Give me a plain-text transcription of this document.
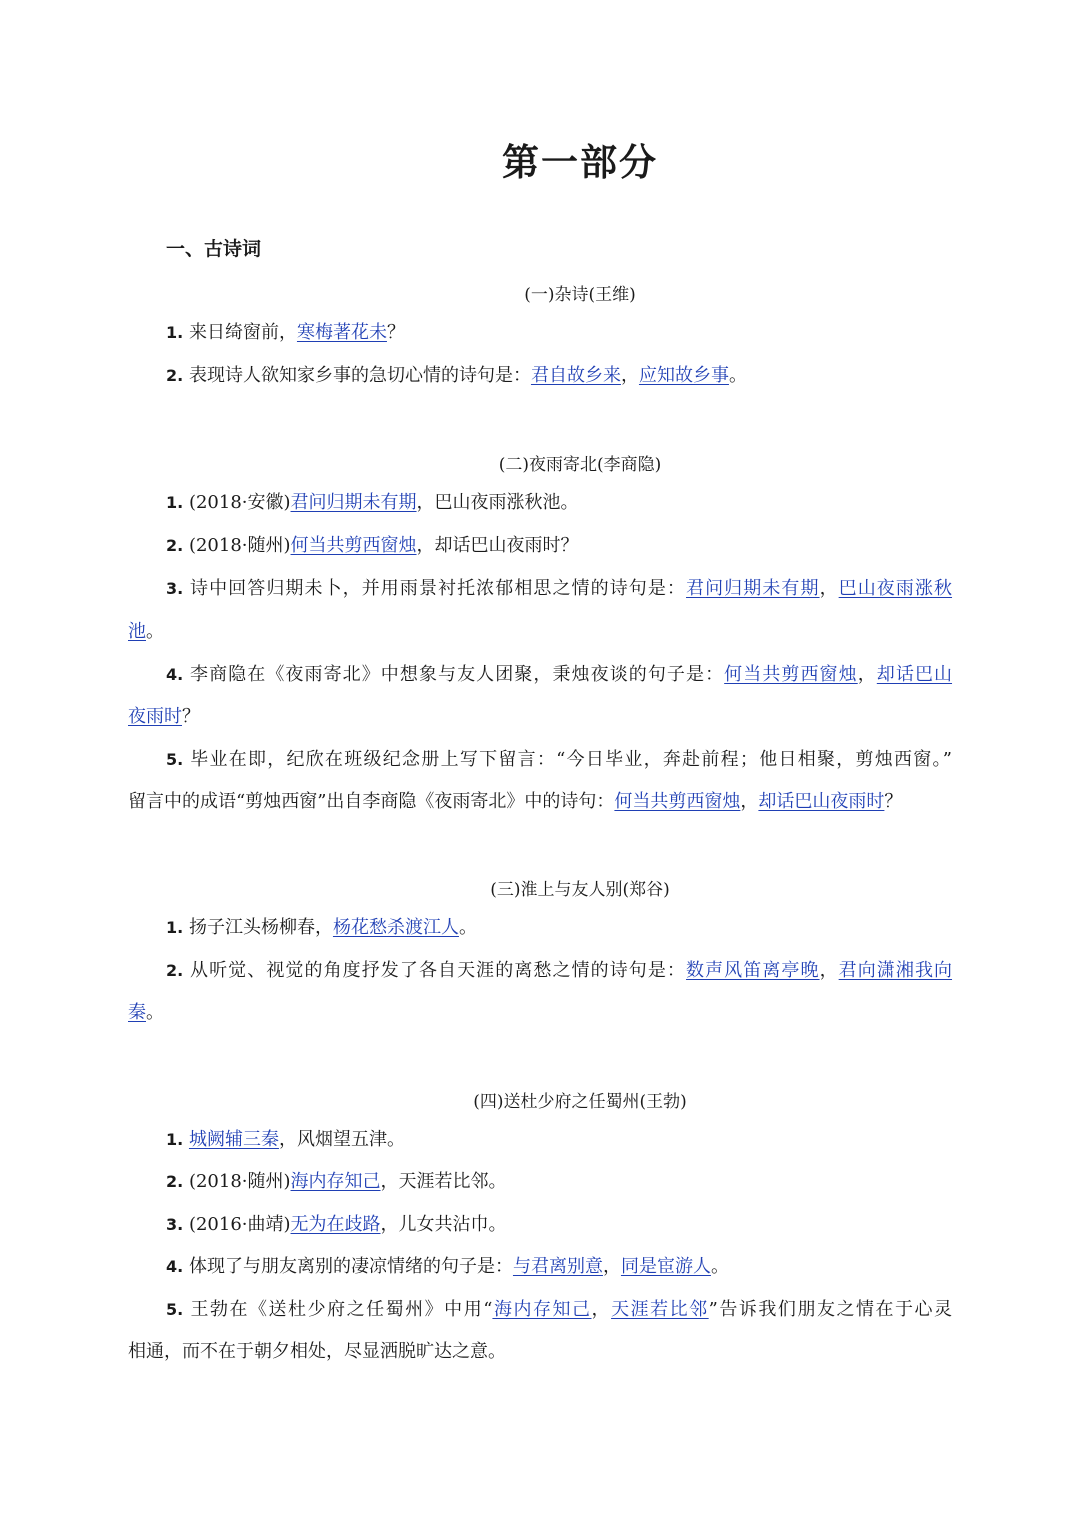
第一部分
一、古诗词
(一)杂诗(王维)
1. 来日绮窗前，寒梅著花未？
2. 表现诗人欲知家乡事的急切心情的诗句是：君自故乡来，应知故乡事。
(二)夜雨寄北(李商隐)
1. (2018·安徽)君问归期未有期，巴山夜雨涨秋池。
2. (2018·随州)何当共剪西窗烛，却话巴山夜雨时？
3. 诗中回答归期未卜，并用雨景衬托浓郁相思之情的诗句是：君问归期未有期，巴山夜雨涨秋
池。
4. 李商隐在《夜雨寄北》中想象与友人团聚，秉烛夜谈的句子是：何当共剪西窗烛，却话巴山
夜雨时？
5. 毕业在即，纪欣在班级纪念册上写下留言：“今日毕业，奔赴前程；他日相聚，剪烛西窗。”
留言中的成语“剪烛西窗”出自李商隐《夜雨寄北》中的诗句：何当共剪西窗烛，却话巴山夜雨时？
(三)淮上与友人别(郑谷)
1. 扬子江头杨柳春，杨花愁杀渡江人。
2. 从听觉、视觉的角度抒发了各自天涯的离愁之情的诗句是：数声风笛离亭晚，君向潇湘我向
秦。
(四)送杜少府之任蜀州(王勃)
1. 城阙辅三秦，风烟望五津。
2. (2018·随州)海内存知己，天涯若比邻。
3. (2016·曲靖)无为在歧路，儿女共沾巾。
4. 体现了与朋友离别的凄凉情绪的句子是：与君离别意，同是宦游人。
5. 王勃在《送杜少府之任蜀州》中用“海内存知己，天涯若比邻”告诉我们朋友之情在于心灵
相通，而不在于朝夕相处，尽显洒脱旷达之意。
